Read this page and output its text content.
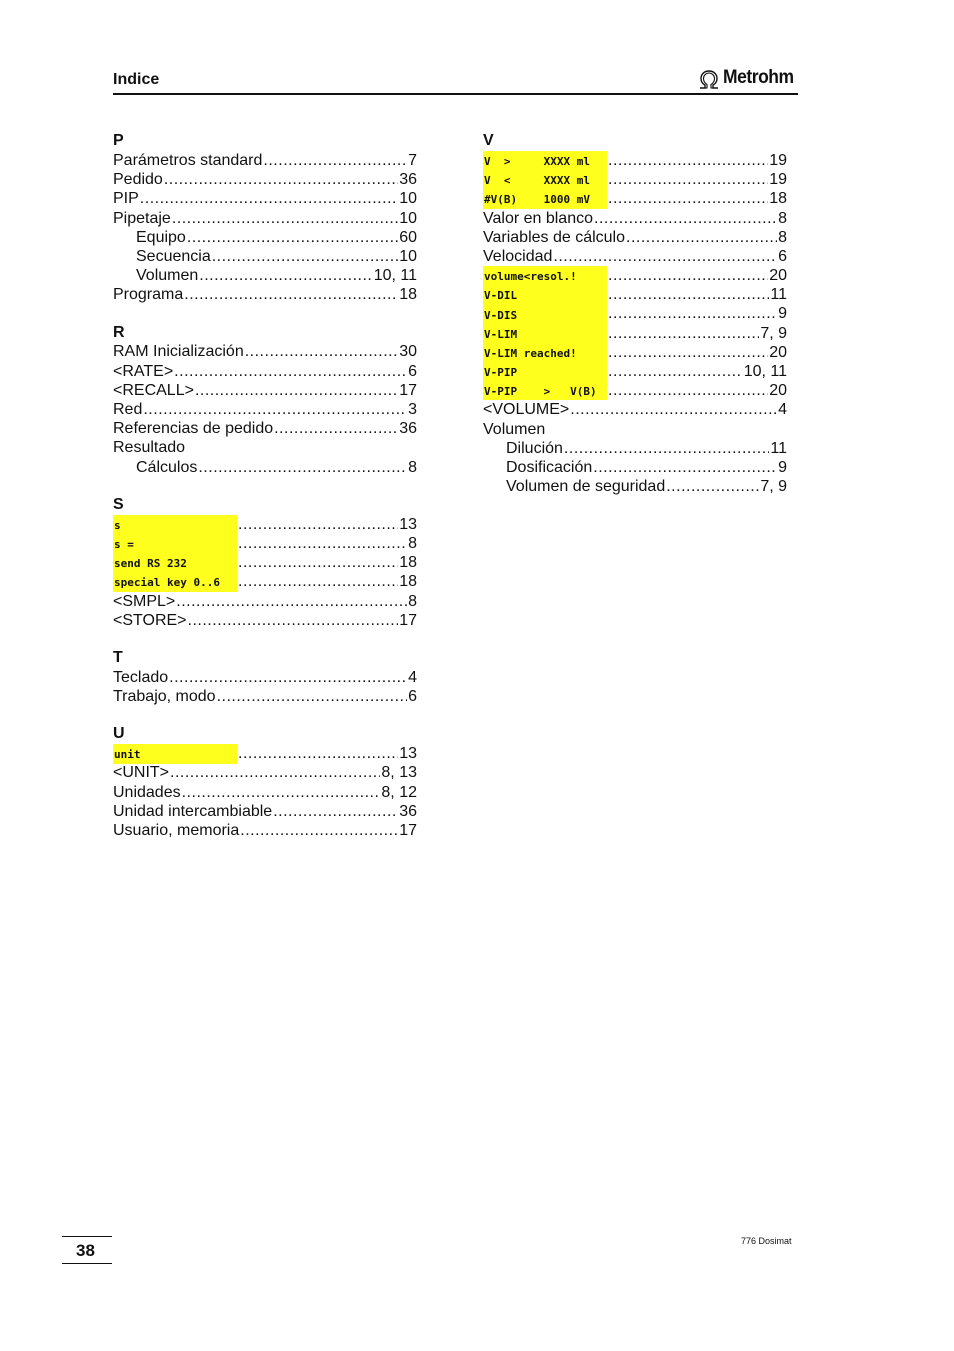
Indice	Metrohm
P
Parámetros standard .....	7
Pedido .....	36
PIP .....	10
Pipetaje .....	10
Equipo .....	60
Secuencia .....	10
Volumen .....	10, 11
Programa .....	18
R
RAM Inicialización .....	30
<RATE> .....	6
<RECALL> .....	17
Red .....	3
Referencias de pedido .....	36
Resultado
Cálculos .....	8
S
s .....	13
s = .....	8
send RS 232 .....	18
special key 0..6 .....	18
<SMPL> .....	8
<STORE> .....	17
T
Teclado .....	4
Trabajo, modo .....	6
U
unit .....	13
<UNIT> .....	8, 13
Unidades .....	8, 12
Unidad intercambiable .....	36
Usuario, memoria .....	17
V
V  >     XXXX ml .....	19
V  <     XXXX ml .....	19
#V(B)    1000 mV .....	18
Valor en blanco .....	8
Variables de cálculo .....	8
Velocidad .....	6
volume<resol.! .....	20
V-DIL .....	11
V-DIS .....	9
V-LIM .....	7, 9
V-LIM reached! .....	20
V-PIP .....	10, 11
V-PIP    >   V(B) .....	20
<VOLUME> .....	4
Volumen
Dilución .....	11
Dosificación .....	9
Volumen de seguridad .....	7, 9
38	776 Dosimat
